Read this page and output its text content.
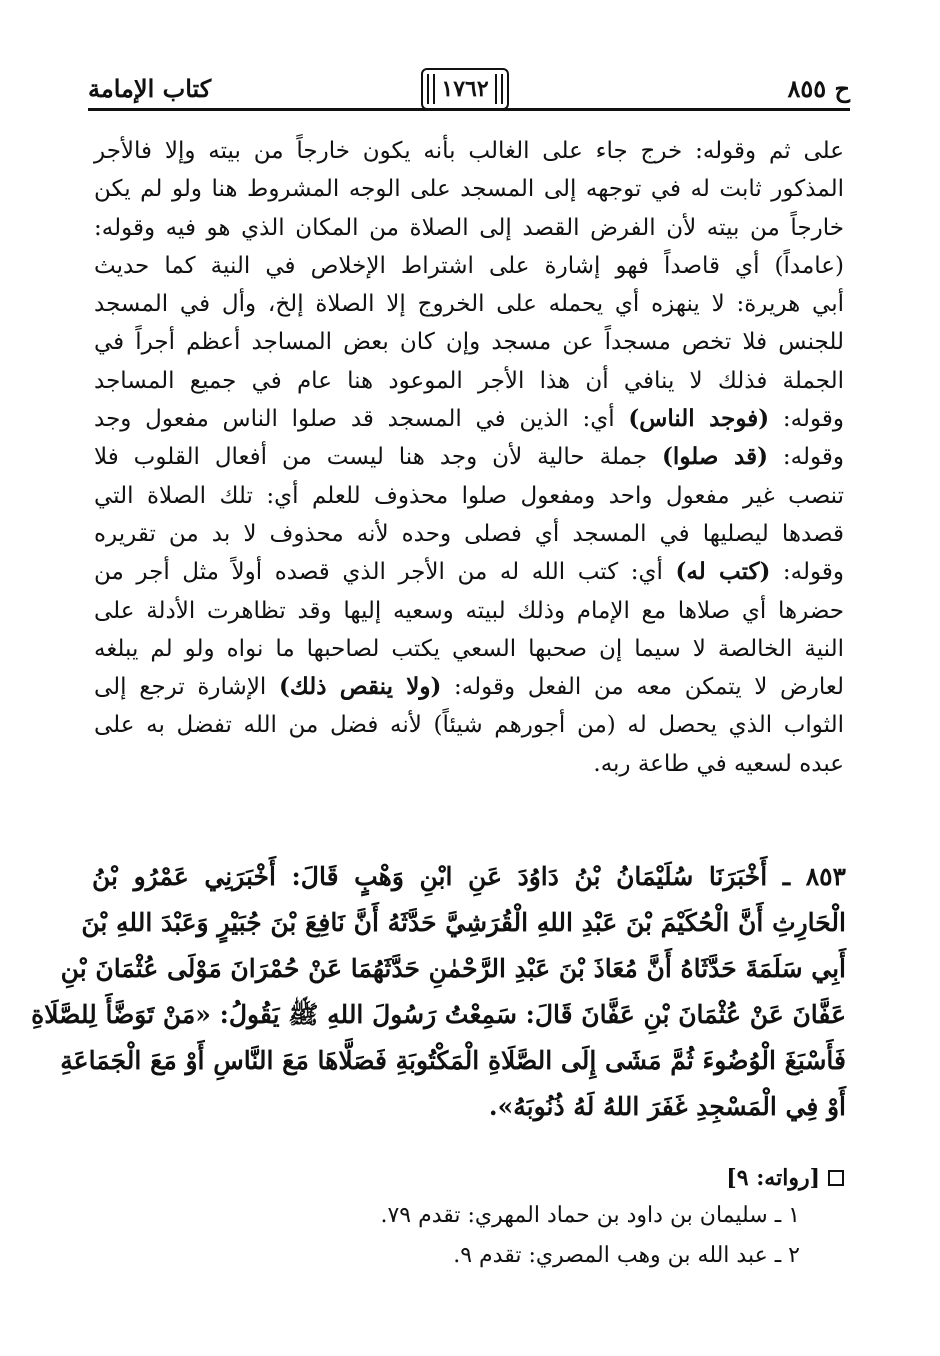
ح ٨٥٥
١٧٦٢
كتاب الإمامة
على ثم وقوله: خرج جاء على الغالب بأنه يكون خارجاً من بيته وإلا فالأجر
المذكور ثابت له في توجهه إلى المسجد على الوجه المشروط هنا ولو لم يكن
خارجاً من بيته لأن الفرض القصد إلى الصلاة من المكان الذي هو فيه وقوله:
(عامداً) أي قاصداً فهو إشارة على اشتراط الإخلاص في النية كما حديث
أبي هريرة: لا ينهزه أي يحمله على الخروج إلا الصلاة إلخ، وأل في المسجد
للجنس فلا تخص مسجداً عن مسجد وإن كان بعض المساجد أعظم أجراً في
الجملة فذلك لا ينافي أن هذا الأجر الموعود هنا عام في جميع المساجد
وقوله: (فوجد الناس) أي: الذين في المسجد قد صلوا الناس مفعول وجد
وقوله: (قد صلوا) جملة حالية لأن وجد هنا ليست من أفعال القلوب فلا
تنصب غير مفعول واحد ومفعول صلوا محذوف للعلم أي: تلك الصلاة التي
قصدها ليصليها في المسجد أي فصلى وحده لأنه محذوف لا بد من تقريره
وقوله: (كتب له) أي: كتب الله له من الأجر الذي قصده أولاً مثل أجر من
حضرها أي صلاها مع الإمام وذلك لبيته وسعيه إليها وقد تظاهرت الأدلة على
النية الخالصة لا سيما إن صحبها السعي يكتب لصاحبها ما نواه ولو لم يبلغه
لعارض لا يتمكن معه من الفعل وقوله: (ولا ينقص ذلك) الإشارة ترجع إلى
الثواب الذي يحصل له (من أجورهم شيئاً) لأنه فضل من الله تفضل به على
عبده لسعيه في طاعة ربه.
٨٥٣ ـ أَخْبَرَنَا سُلَيْمَانُ بْنُ دَاوُدَ عَنِ ابْنِ وَهْبٍ قَالَ: أَخْبَرَنِي عَمْرُو بْنُ
الْحَارِثِ أَنَّ الْحُكَيْمَ بْنَ عَبْدِ اللهِ الْقُرَشِيَّ حَدَّثَهُ أَنَّ نَافِعَ بْنَ جُبَيْرٍ وَعَبْدَ اللهِ بْنَ
أَبِي سَلَمَةَ حَدَّثَاهُ أَنَّ مُعَاذَ بْنَ عَبْدِ الرَّحْمٰنِ حَدَّثَهُمَا عَنْ حُمْرَانَ مَوْلَى عُثْمَانَ بْنِ
عَفَّانَ عَنْ عُثْمَانَ بْنِ عَفَّانَ قَالَ: سَمِعْتُ رَسُولَ اللهِ ﷺ يَقُولُ: «مَنْ تَوَضَّأَ لِلصَّلَاةِ
فَأَسْبَغَ الْوُضُوءَ ثُمَّ مَشَى إِلَى الصَّلَاةِ الْمَكْتُوبَةِ فَصَلَّاهَا مَعَ النَّاسِ أَوْ مَعَ الْجَمَاعَةِ
أَوْ فِي الْمَسْجِدِ غَفَرَ اللهُ لَهُ ذُنُوبَهُ».
[رواته: ٩]
١ ـ سليمان بن داود بن حماد المهري: تقدم ٧٩.
٢ ـ عبد الله بن وهب المصري: تقدم ٩.
